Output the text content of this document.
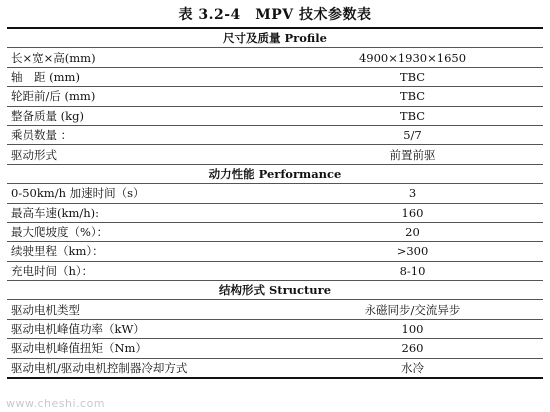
表 3.2-4　MPV 技术参数表
尺寸及质量 Profile	
长×宽×高(mm)	4900×1930×1650
轴　距 (mm)	TBC
轮距前/后 (mm)	TBC
整备质量 (kg)	TBC
乘员数量 ：	5/7
驱动形式	前置前驱
动力性能 Performance	
0-50km/h 加速时间（s）	3
最高车速(km/h):	160
最大爬坡度（%）：	20
续驶里程（km）：	>300
充电时间（h）：	8-10
结构形式 Structure	
驱动电机类型	永磁同步/交流异步
驱动电机峰值功率（kW）	100
驱动电机峰值扭矩（Nm）	260
驱动电机/驱动电机控制器冷却方式	水冷
www.cheshi.com
